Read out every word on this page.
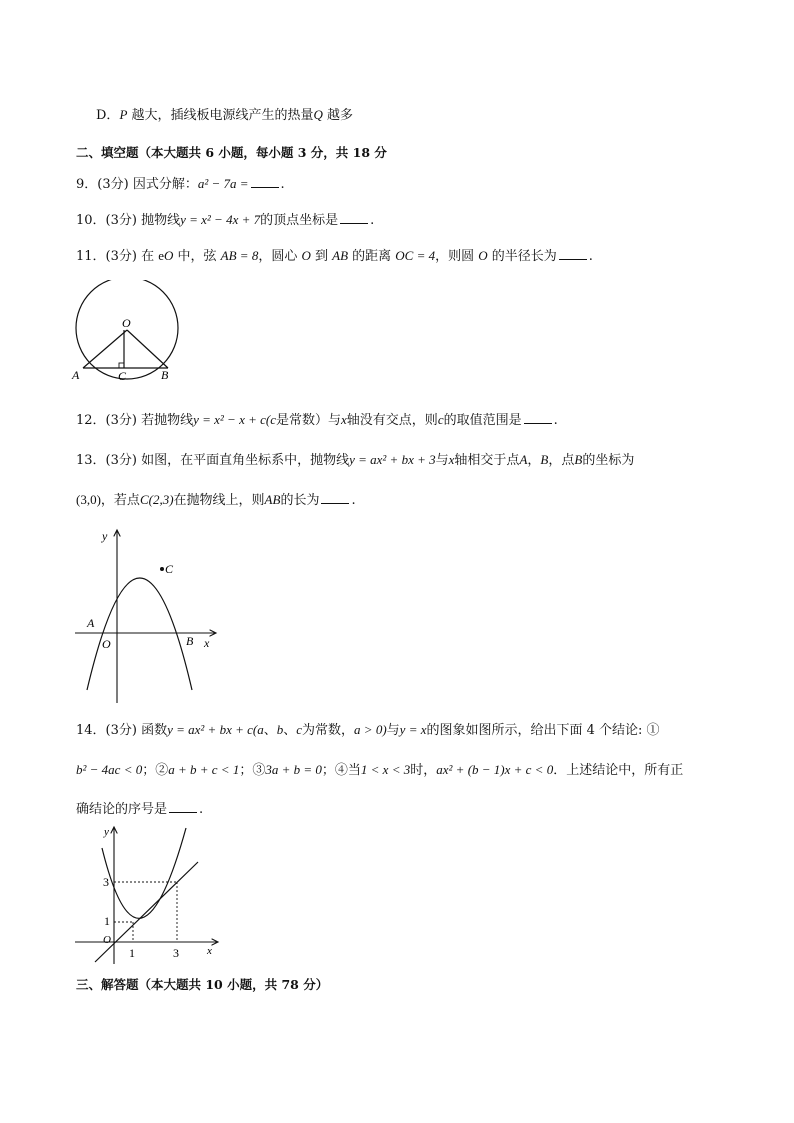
D．P 越大，插线板电源线产生的热量Q 越多
二、填空题（本大题共 6 小题，每小题 3 分，共 18 分
9．(3分) 因式分解：a² − 7a = .
10．(3分) 抛物线y = x² − 4x + 7的顶点坐标是 .
11．(3分) 在 eO 中，弦 AB = 8，圆心 O 到 AB 的距离 OC = 4，则圆 O 的半径长为 .
O
A	C	B
12．(3分) 若抛物线y = x² − x + c(c是常数）与x轴没有交点，则c的取值范围是 .
13．(3分) 如图，在平面直角坐标系中，抛物线y = ax² + bx + 3与x轴相交于点A，B，点B的坐标为
(3,0)，若点C(2,3)在抛物线上，则AB的长为 .
y
x
O
A
B
C
14．(3分) 函数y = ax² + bx + c(a、b、c为常数，a > 0)与y = x的图象如图所示，给出下面 4 个结论: ①
b² − 4ac < 0；②a + b + c < 1；③3a + b = 0；④当1 < x < 3时，ax² + (b − 1)x + c < 0．上述结论中，所有正
确结论的序号是 .
y
x
O
3
1
1	3
三、解答题（本大题共 10 小题，共 78 分）
